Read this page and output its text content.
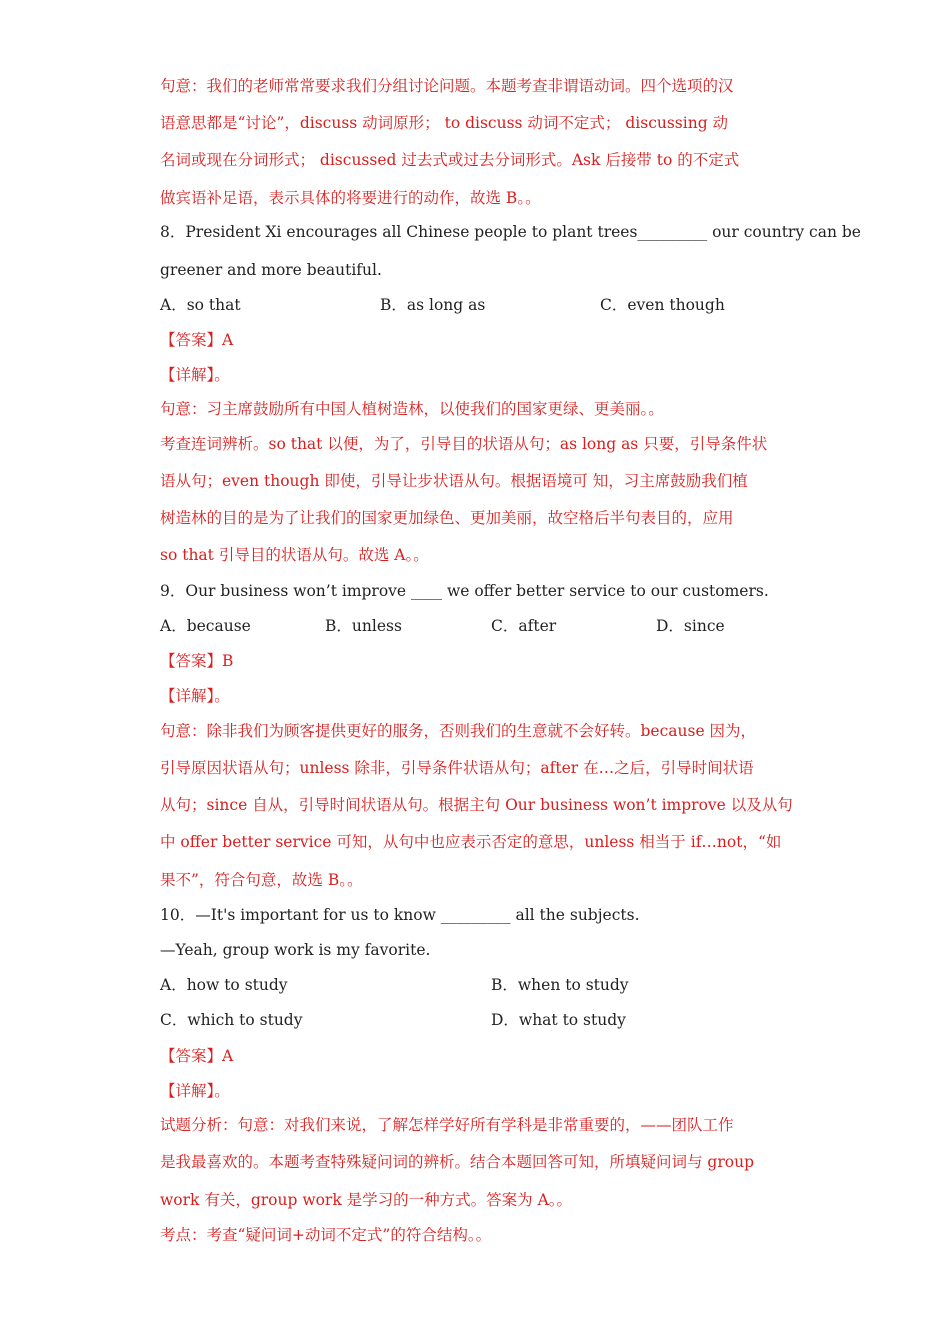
句意：我们的老师常常要求我们分组讨论问题。本题考查非谓语动词。四个选项的汉
语意思都是“讨论”，discuss 动词原形； to discuss 动词不定式； discussing 动
名词或现在分词形式； discussed 过去式或过去分词形式。Ask 后接带 to 的不定式
做宾语补足语，表示具体的将要进行的动作，故选 B。。
8．President Xi encourages all Chinese people to plant trees_________ our country can be
greener and more beautiful.
A．so that	B．as long as	C．even though
【答案】A
【详解】。
句意：习主席鼓励所有中国人植树造林，以使我们的国家更绿、更美丽。。
考查连词辨析。so that 以便，为了，引导目的状语从句；as long as 只要，引导条件状
语从句；even though 即使，引导让步状语从句。根据语境可 知，习主席鼓励我们植
树造林的目的是为了让我们的国家更加绿色、更加美丽，故空格后半句表目的，应用
so that 引导目的状语从句。故选 A。。
9．Our business won’t improve ____ we offer better service to our customers.
A．because	B．unless	C．after	D．since
【答案】B
【详解】。
句意：除非我们为顾客提供更好的服务，否则我们的生意就不会好转。because 因为，
引导原因状语从句；unless 除非，引导条件状语从句；after 在…之后，引导时间状语
从句；since 自从，引导时间状语从句。根据主句 Our business won’t improve 以及从句
中 offer better service 可知，从句中也应表示否定的意思，unless 相当于 if…not，“如
果不”，符合句意，故选 B。。
10．—It's important for us to know _________ all the subjects.
—Yeah, group work is my favorite.
A．how to study	B．when to study
C．which to study	D．what to study
【答案】A
【详解】。
试题分析：句意：对我们来说，了解怎样学好所有学科是非常重要的，——团队工作
是我最喜欢的。本题考查特殊疑问词的辨析。结合本题回答可知，所填疑问词与 group
work 有关，group work 是学习的一种方式。答案为 A。。
考点：考查“疑问词+动词不定式”的符合结构。。
